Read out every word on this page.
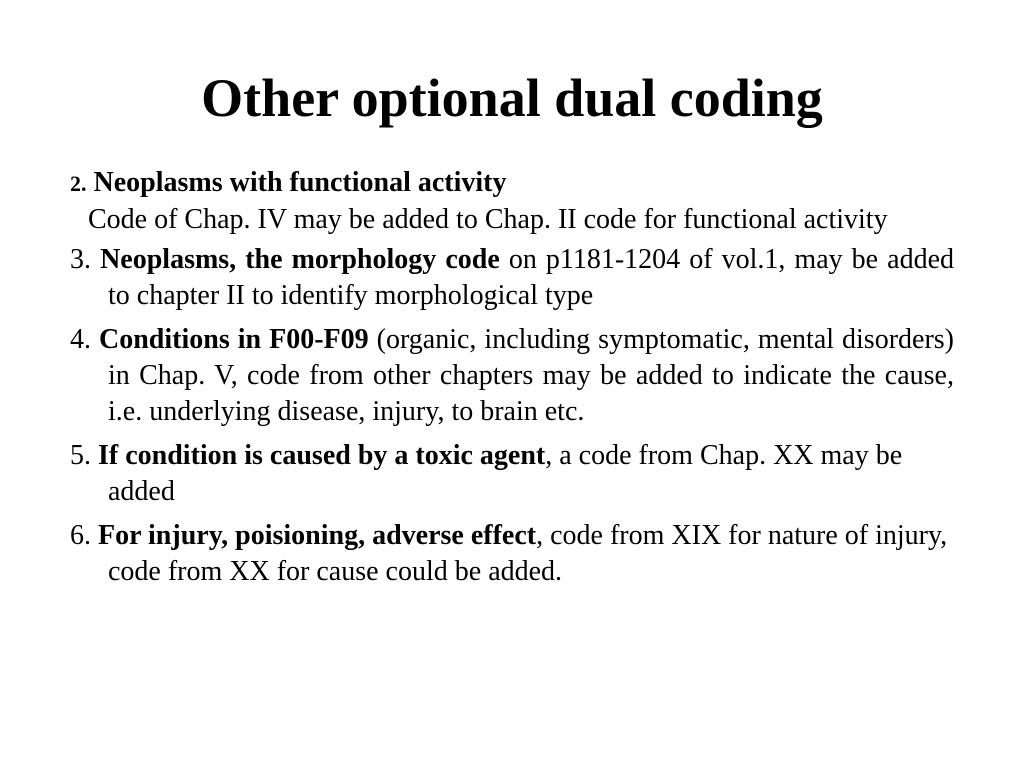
Other optional dual coding
2. Neoplasms with functional activity
Code of Chap. IV may be added to Chap. II code for functional activity
3. Neoplasms, the morphology code on p1181-1204 of vol.1, may be added to chapter II to identify morphological type
4. Conditions in F00-F09 (organic, including symptomatic, mental disorders) in Chap. V, code from other chapters may be added to indicate the cause, i.e. underlying disease, injury, to brain etc.
5. If condition is caused by a toxic agent, a code from Chap. XX may be added
6. For injury, poisioning, adverse effect, code from XIX for nature of injury, code from XX for cause could be added.
